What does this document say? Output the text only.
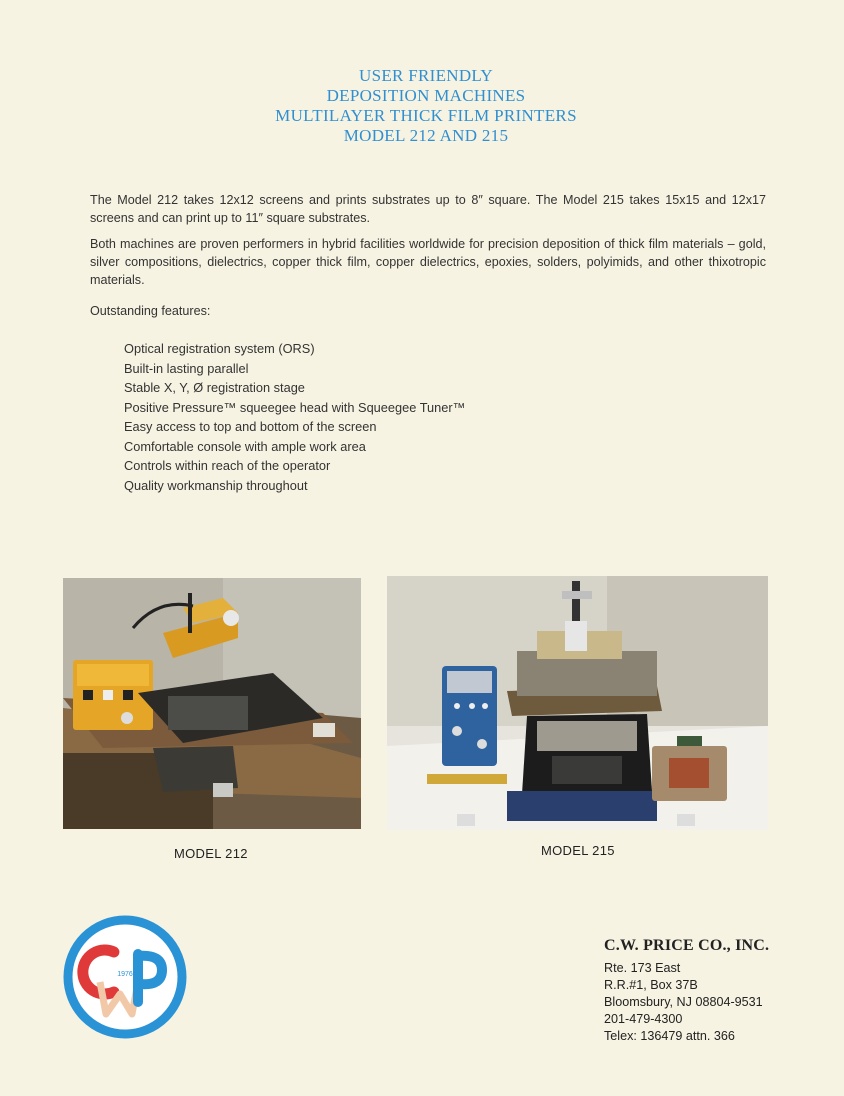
USER FRIENDLY
DEPOSITION MACHINES
MULTILAYER THICK FILM PRINTERS
MODEL 212 AND 215
The Model 212 takes 12x12 screens and prints substrates up to 8″ square. The Model 215 takes 15x15 and 12x17 screens and can print up to 11″ square substrates.
Both machines are proven performers in hybrid facilities worldwide for precision deposition of thick film materials – gold, silver compositions, dielectrics, copper thick film, copper dielectrics, epoxies, solders, polyimids, and other thixotropic materials.
Outstanding features:
Optical registration system (ORS)
Built-in lasting parallel
Stable X, Y, Ø registration stage
Positive Pressure™ squeegee head with Squeegee Tuner™
Easy access to top and bottom of the screen
Comfortable console with ample work area
Controls within reach of the operator
Quality workmanship throughout
MODEL 212	MODEL 215
1976
C.W. PRICE CO., INC.
Rte. 173 East
R.R.#1, Box 37B
Bloomsbury, NJ 08804-9531
201-479-4300
Telex: 136479 attn. 366
